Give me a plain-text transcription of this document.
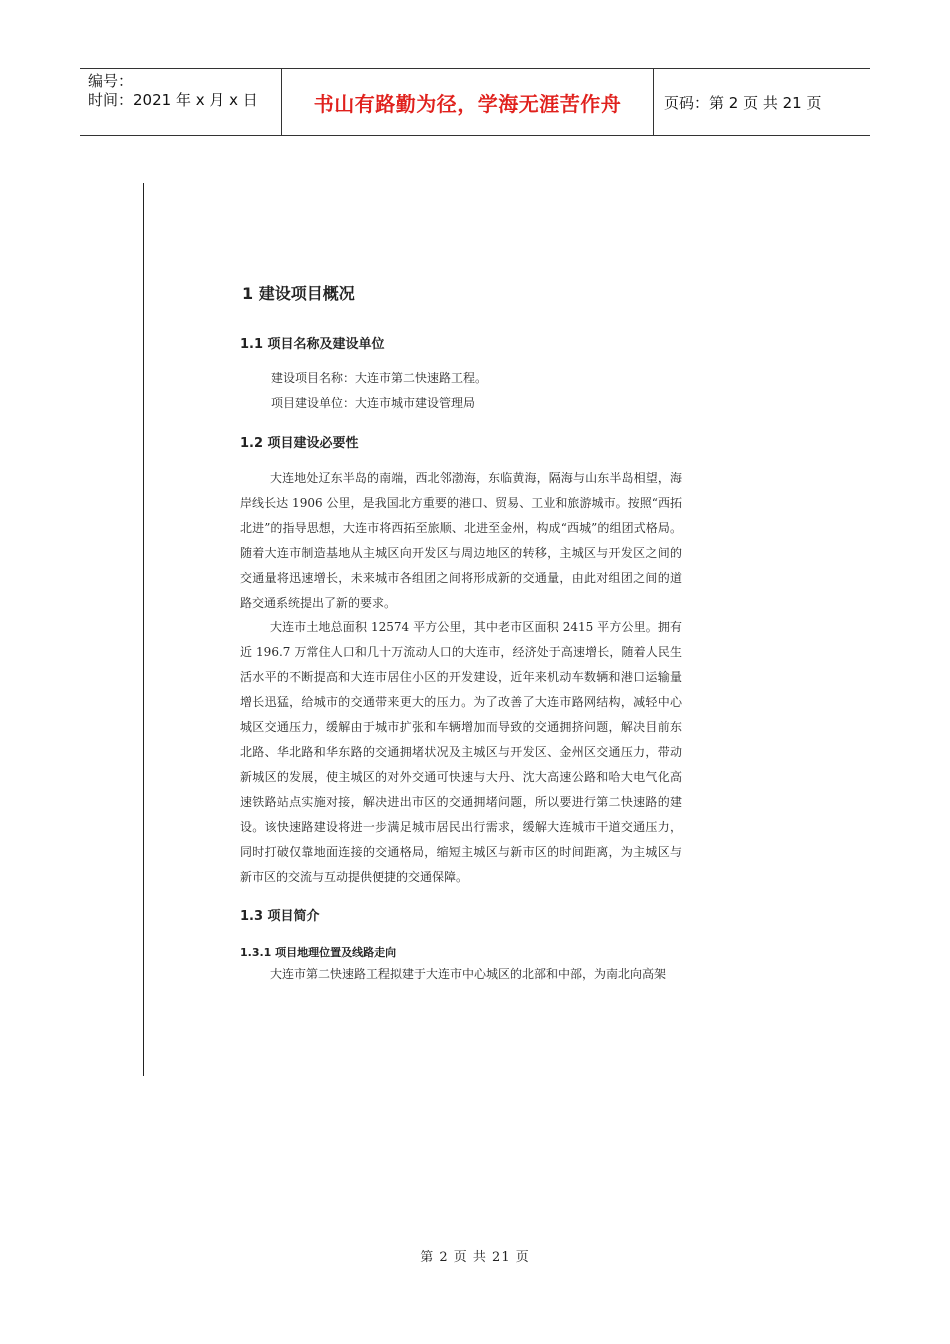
编号：
时间：2021 年 x 月 x 日	书山有路勤为径，学海无涯苦作舟	页码：第 2 页 共 21 页
1 建设项目概况
1.1 项目名称及建设单位
建设项目名称：大连市第二快速路工程。
项目建设单位：大连市城市建设管理局
1.2 项目建设必要性
大连地处辽东半岛的南端，西北邻渤海，东临黄海，隔海与山东半岛相望，海岸线长达 1906 公里，是我国北方重要的港口、贸易、工业和旅游城市。按照“西拓北进”的指导思想，大连市将西拓至旅顺、北进至金州，构成“西城”的组团式格局。随着大连市制造基地从主城区向开发区与周边地区的转移，主城区与开发区之间的交通量将迅速增长，未来城市各组团之间将形成新的交通量，由此对组团之间的道路交通系统提出了新的要求。
大连市土地总面积 12574 平方公里，其中老市区面积 2415 平方公里。拥有近 196.7 万常住人口和几十万流动人口的大连市，经济处于高速增长，随着人民生活水平的不断提高和大连市居住小区的开发建设，近年来机动车数辆和港口运输量增长迅猛，给城市的交通带来更大的压力。为了改善了大连市路网结构，减轻中心城区交通压力，缓解由于城市扩张和车辆增加而导致的交通拥挤问题，解决目前东北路、华北路和华东路的交通拥堵状况及主城区与开发区、金州区交通压力，带动新城区的发展，使主城区的对外交通可快速与大丹、沈大高速公路和哈大电气化高速铁路站点实施对接，解决进出市区的交通拥堵问题，所以要进行第二快速路的建设。该快速路建设将进一步满足城市居民出行需求，缓解大连城市干道交通压力，同时打破仅靠地面连接的交通格局，缩短主城区与新市区的时间距离，为主城区与新市区的交流与互动提供便捷的交通保障。
1.3 项目简介
1.3.1 项目地理位置及线路走向
大连市第二快速路工程拟建于大连市中心城区的北部和中部，为南北向高架
第 2 页 共 21 页
